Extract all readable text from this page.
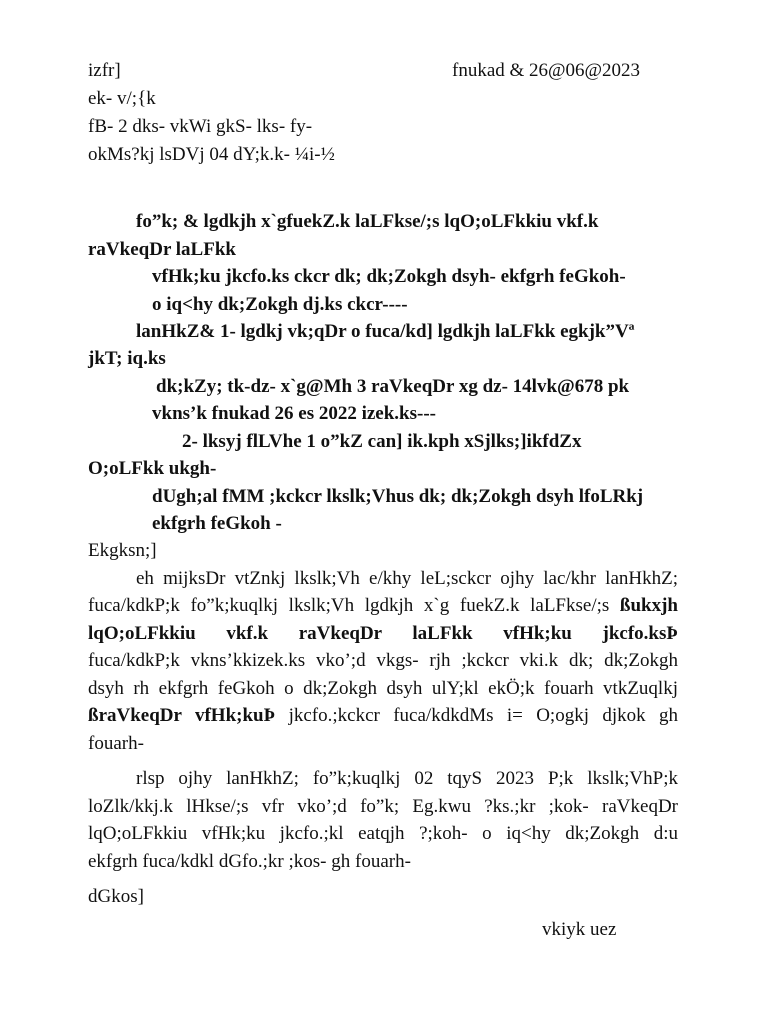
izfr]	fnukad & 26@06@2023
ek- v/;{k
fB- 2 dks- vkWi gkS- lks- fy-
okMs?kj lsDVj 04 dY;k.k- ¼i-½
fo”k; & lgdkjh x`gfuekZ.k laLFkse/;s lqO;oLFkkiu vkf.k
raVkeqDr laLFkk
vfHk;ku jkcfo.ks ckcr dk; dk;Zokgh dsyh- ekfgrh feGkoh-
o iq<hy dk;Zokgh dj.ks ckcr----
lanHkZ& 1- lgdkj vk;qDr o fuca/kd] lgdkjh laLFkk egkjk”Vª
jkT; iq.ks
dk;kZy; tk-dz- x`g@Mh 3 raVkeqDr xg dz- 14lvk@678 pk
vkns’k fnukad 26 es 2022 izek.ks---
2- lksyj flLVhe 1 o”kZ can] ik.kph xSjlks;]ikfdZx
O;oLFkk ukgh-
dUgh;al fMM ;kckcr lkslk;Vhus dk; dk;Zokgh dsyh lfoLRkj
ekfgrh feGkoh -
Ekgksn;]
eh mijksDr vtZnkj lkslk;Vh e/khy leL;sckcr ojhy lac/khr lanHkhZ;
fuca/kdkP;k fo”k;kuqlkj lkslk;Vh lgdkjh x`g fuekZ.k laLFkse/;s ßukxjh
lqO;oLFkkiu vkf.k raVkeqDr laLFkk vfHk;ku jkcfo.ksÞ
fuca/kdkP;k vkns’kkizek.ks vko’;d vkgs- rjh ;kckcr vki.k dk; dk;Zokgh
dsyh rh ekfgrh feGkoh o dk;Zokgh dsyh ulY;kl ekÖ;k fouarh vtkZuqlkj
ßraVkeqDr vfHk;kuÞ jkcfo.;kckcr fuca/kdkdMs i= O;ogkj djkok gh
fouarh-
rlsp ojhy lanHkhZ; fo”k;kuqlkj 02 tqyS 2023 P;k lkslk;VhP;k
loZlk/kkj.k lHkse/;s vfr vko’;d fo”k; Eg.kwu ?ks.;kr ;kok- raVkeqDr
lqO;oLFkkiu vfHk;ku jkcfo.;kl eatqjh ?;koh- o iq<hy dk;Zokgh d:u
ekfgrh fuca/kdkl dGfo.;kr ;kos- gh fouarh-
dGkos]
vkiyk uez
